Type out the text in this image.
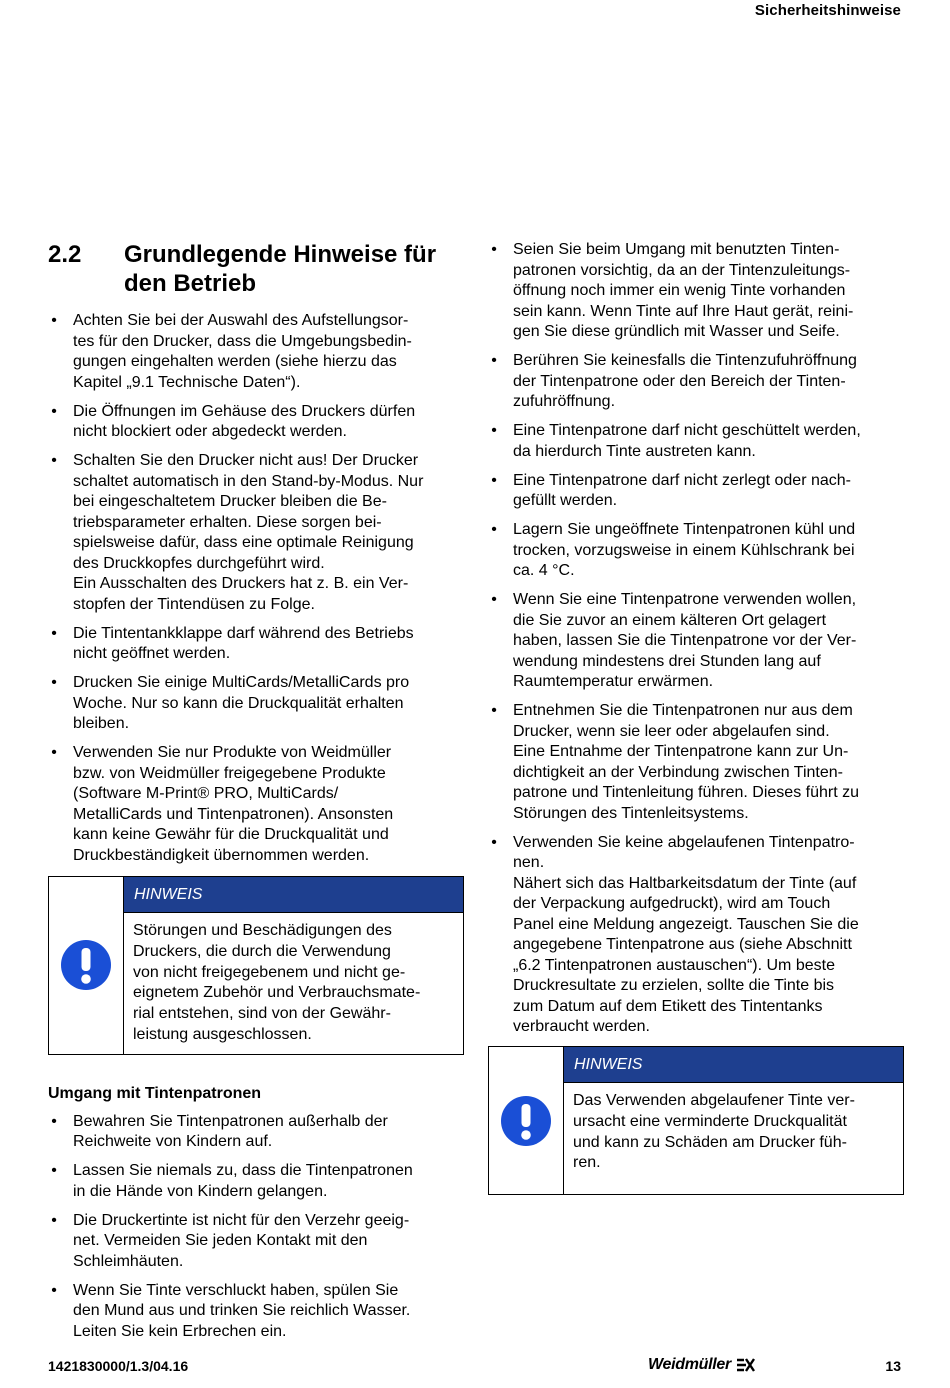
Sicherheitshinweise
2.2	Grundlegende Hinweise für
den Betrieb
• Achten Sie bei der Auswahl des Aufstellungsor-
tes für den Drucker, dass die Umgebungsbedin-
gungen eingehalten werden (siehe hierzu das
Kapitel „9.1 Technische Daten“).
• Die Öffnungen im Gehäuse des Druckers dürfen
nicht blockiert oder abgedeckt werden.
• Schalten Sie den Drucker nicht aus! Der Drucker
schaltet automatisch in den Stand-by-Modus. Nur
bei eingeschaltetem Drucker bleiben die Be-
triebsparameter erhalten. Diese sorgen bei-
spielsweise dafür, dass eine optimale Reinigung
des Druckkopfes durchgeführt wird.
Ein Ausschalten des Druckers hat z. B. ein Ver-
stopfen der Tintendüsen zu Folge.
• Die Tintentankklappe darf während des Betriebs
nicht geöffnet werden.
• Drucken Sie einige MultiCards/MetalliCards pro
Woche. Nur so kann die Druckqualität erhalten
bleiben.
• Verwenden Sie nur Produkte von Weidmüller
bzw. von Weidmüller freigegebene Produkte
(Software M-Print® PRO, MultiCards/
MetalliCards und Tintenpatronen). Ansonsten
kann keine Gewähr für die Druckqualität und
Druckbeständigkeit übernommen werden.
HINWEIS
Störungen und Beschädigungen des
Druckers, die durch die Verwendung
von nicht freigegebenem und nicht ge-
eignetem Zubehör und Verbrauchsmate-
rial entstehen, sind von der Gewähr-
leistung ausgeschlossen.
Umgang mit Tintenpatronen
• Bewahren Sie Tintenpatronen außerhalb der
Reichweite von Kindern auf.
• Lassen Sie niemals zu, dass die Tintenpatronen
in die Hände von Kindern gelangen.
• Die Druckertinte ist nicht für den Verzehr geeig-
net. Vermeiden Sie jeden Kontakt mit den
Schleimhäuten.
• Wenn Sie Tinte verschluckt haben, spülen Sie
den Mund aus und trinken Sie reichlich Wasser.
Leiten Sie kein Erbrechen ein.
• Seien Sie beim Umgang mit benutzten Tinten-
patronen vorsichtig, da an der Tintenzuleitungs-
öffnung noch immer ein wenig Tinte vorhanden
sein kann. Wenn Tinte auf Ihre Haut gerät, reini-
gen Sie diese gründlich mit Wasser und Seife.
• Berühren Sie keinesfalls die Tintenzufuhröffnung
der Tintenpatrone oder den Bereich der Tinten-
zufuhröffnung.
• Eine Tintenpatrone darf nicht geschüttelt werden,
da hierdurch Tinte austreten kann.
• Eine Tintenpatrone darf nicht zerlegt oder nach-
gefüllt werden.
• Lagern Sie ungeöffnete Tintenpatronen kühl und
trocken, vorzugsweise in einem Kühlschrank bei
ca. 4 °C.
• Wenn Sie eine Tintenpatrone verwenden wollen,
die Sie zuvor an einem kälteren Ort gelagert
haben, lassen Sie die Tintenpatrone vor der Ver-
wendung mindestens drei Stunden lang auf
Raumtemperatur erwärmen.
• Entnehmen Sie die Tintenpatronen nur aus dem
Drucker, wenn sie leer oder abgelaufen sind.
Eine Entnahme der Tintenpatrone kann zur Un-
dichtigkeit an der Verbindung zwischen Tinten-
patrone und Tintenleitung führen. Dieses führt zu
Störungen des Tintenleitsystems.
• Verwenden Sie keine abgelaufenen Tintenpatro-
nen.
Nähert sich das Haltbarkeitsdatum der Tinte (auf
der Verpackung aufgedruckt), wird am Touch
Panel eine Meldung angezeigt. Tauschen Sie die
angegebene Tintenpatrone aus (siehe Abschnitt
„6.2 Tintenpatronen austauschen“). Um beste
Druckresultate zu erzielen, sollte die Tinte bis
zum Datum auf dem Etikett des Tintentanks
verbraucht werden.
HINWEIS
Das Verwenden abgelaufener Tinte ver-
ursacht eine verminderte Druckqualität
und kann zu Schäden am Drucker füh-
ren.
1421830000/1.3/04.16	Weidmüller	13
